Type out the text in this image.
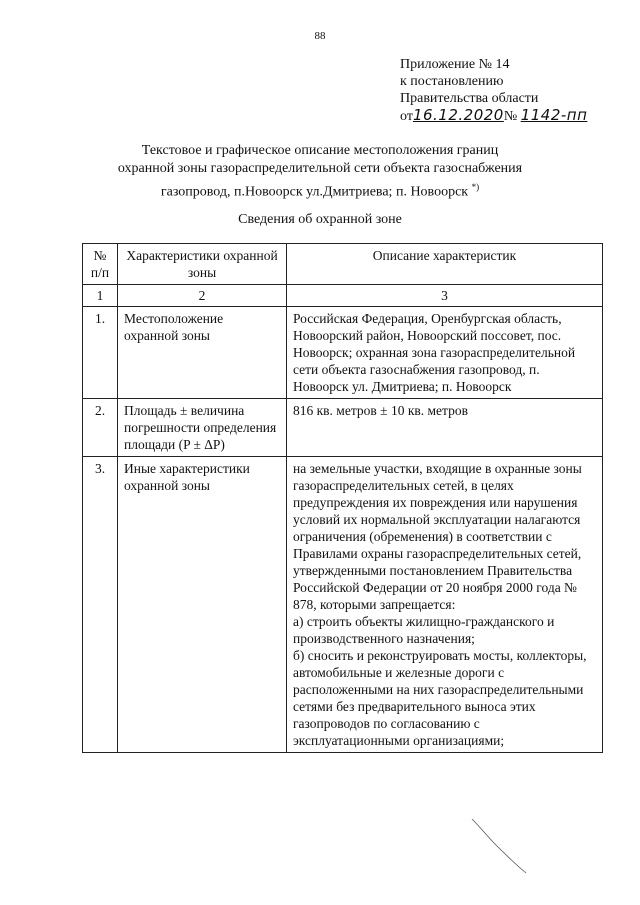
88
Приложение № 14
к постановлению
Правительства области
от16.12.2020№ 1142-пп
Текстовое и графическое описание местоположения границ
охранной зоны газораспределительной сети объекта газоснабжения
газопровод, п.Новоорск ул.Дмитриева; п. Новоорск *)
Сведения об охранной зоне
№ п/п	Характеристики охранной зоны	Описание характеристик
1	2	3
1.	Местоположение охранной зоны	Российская Федерация, Оренбургская область, Новоорский район, Новоорский поссовет, пос. Новоорск; охранная зона газораспределительной сети объекта газоснабжения газопровод, п. Новоорск ул. Дмитриева; п. Новоорск
2.	Площадь ± величина погрешности определения площади (P ± ΔP)	816 кв. метров ± 10 кв. метров
3.	Иные характеристики охранной зоны	на земельные участки, входящие в охранные зоны газораспределительных сетей, в целях предупреждения их повреждения или нарушения условий их нормальной эксплуатации налагаются ограничения (обременения) в соответствии с Правилами охраны газораспределительных сетей, утвержденными постановлением Правительства Российской Федерации от 20 ноября 2000 года № 878, которыми запрещается:
а) строить объекты жилищно-гражданского и производственного назначения;
б) сносить и реконструировать мосты, коллекторы, автомобильные и железные дороги с расположенными на них газораспределительными сетями без предварительного выноса этих газопроводов по согласованию с эксплуатационными организациями;
